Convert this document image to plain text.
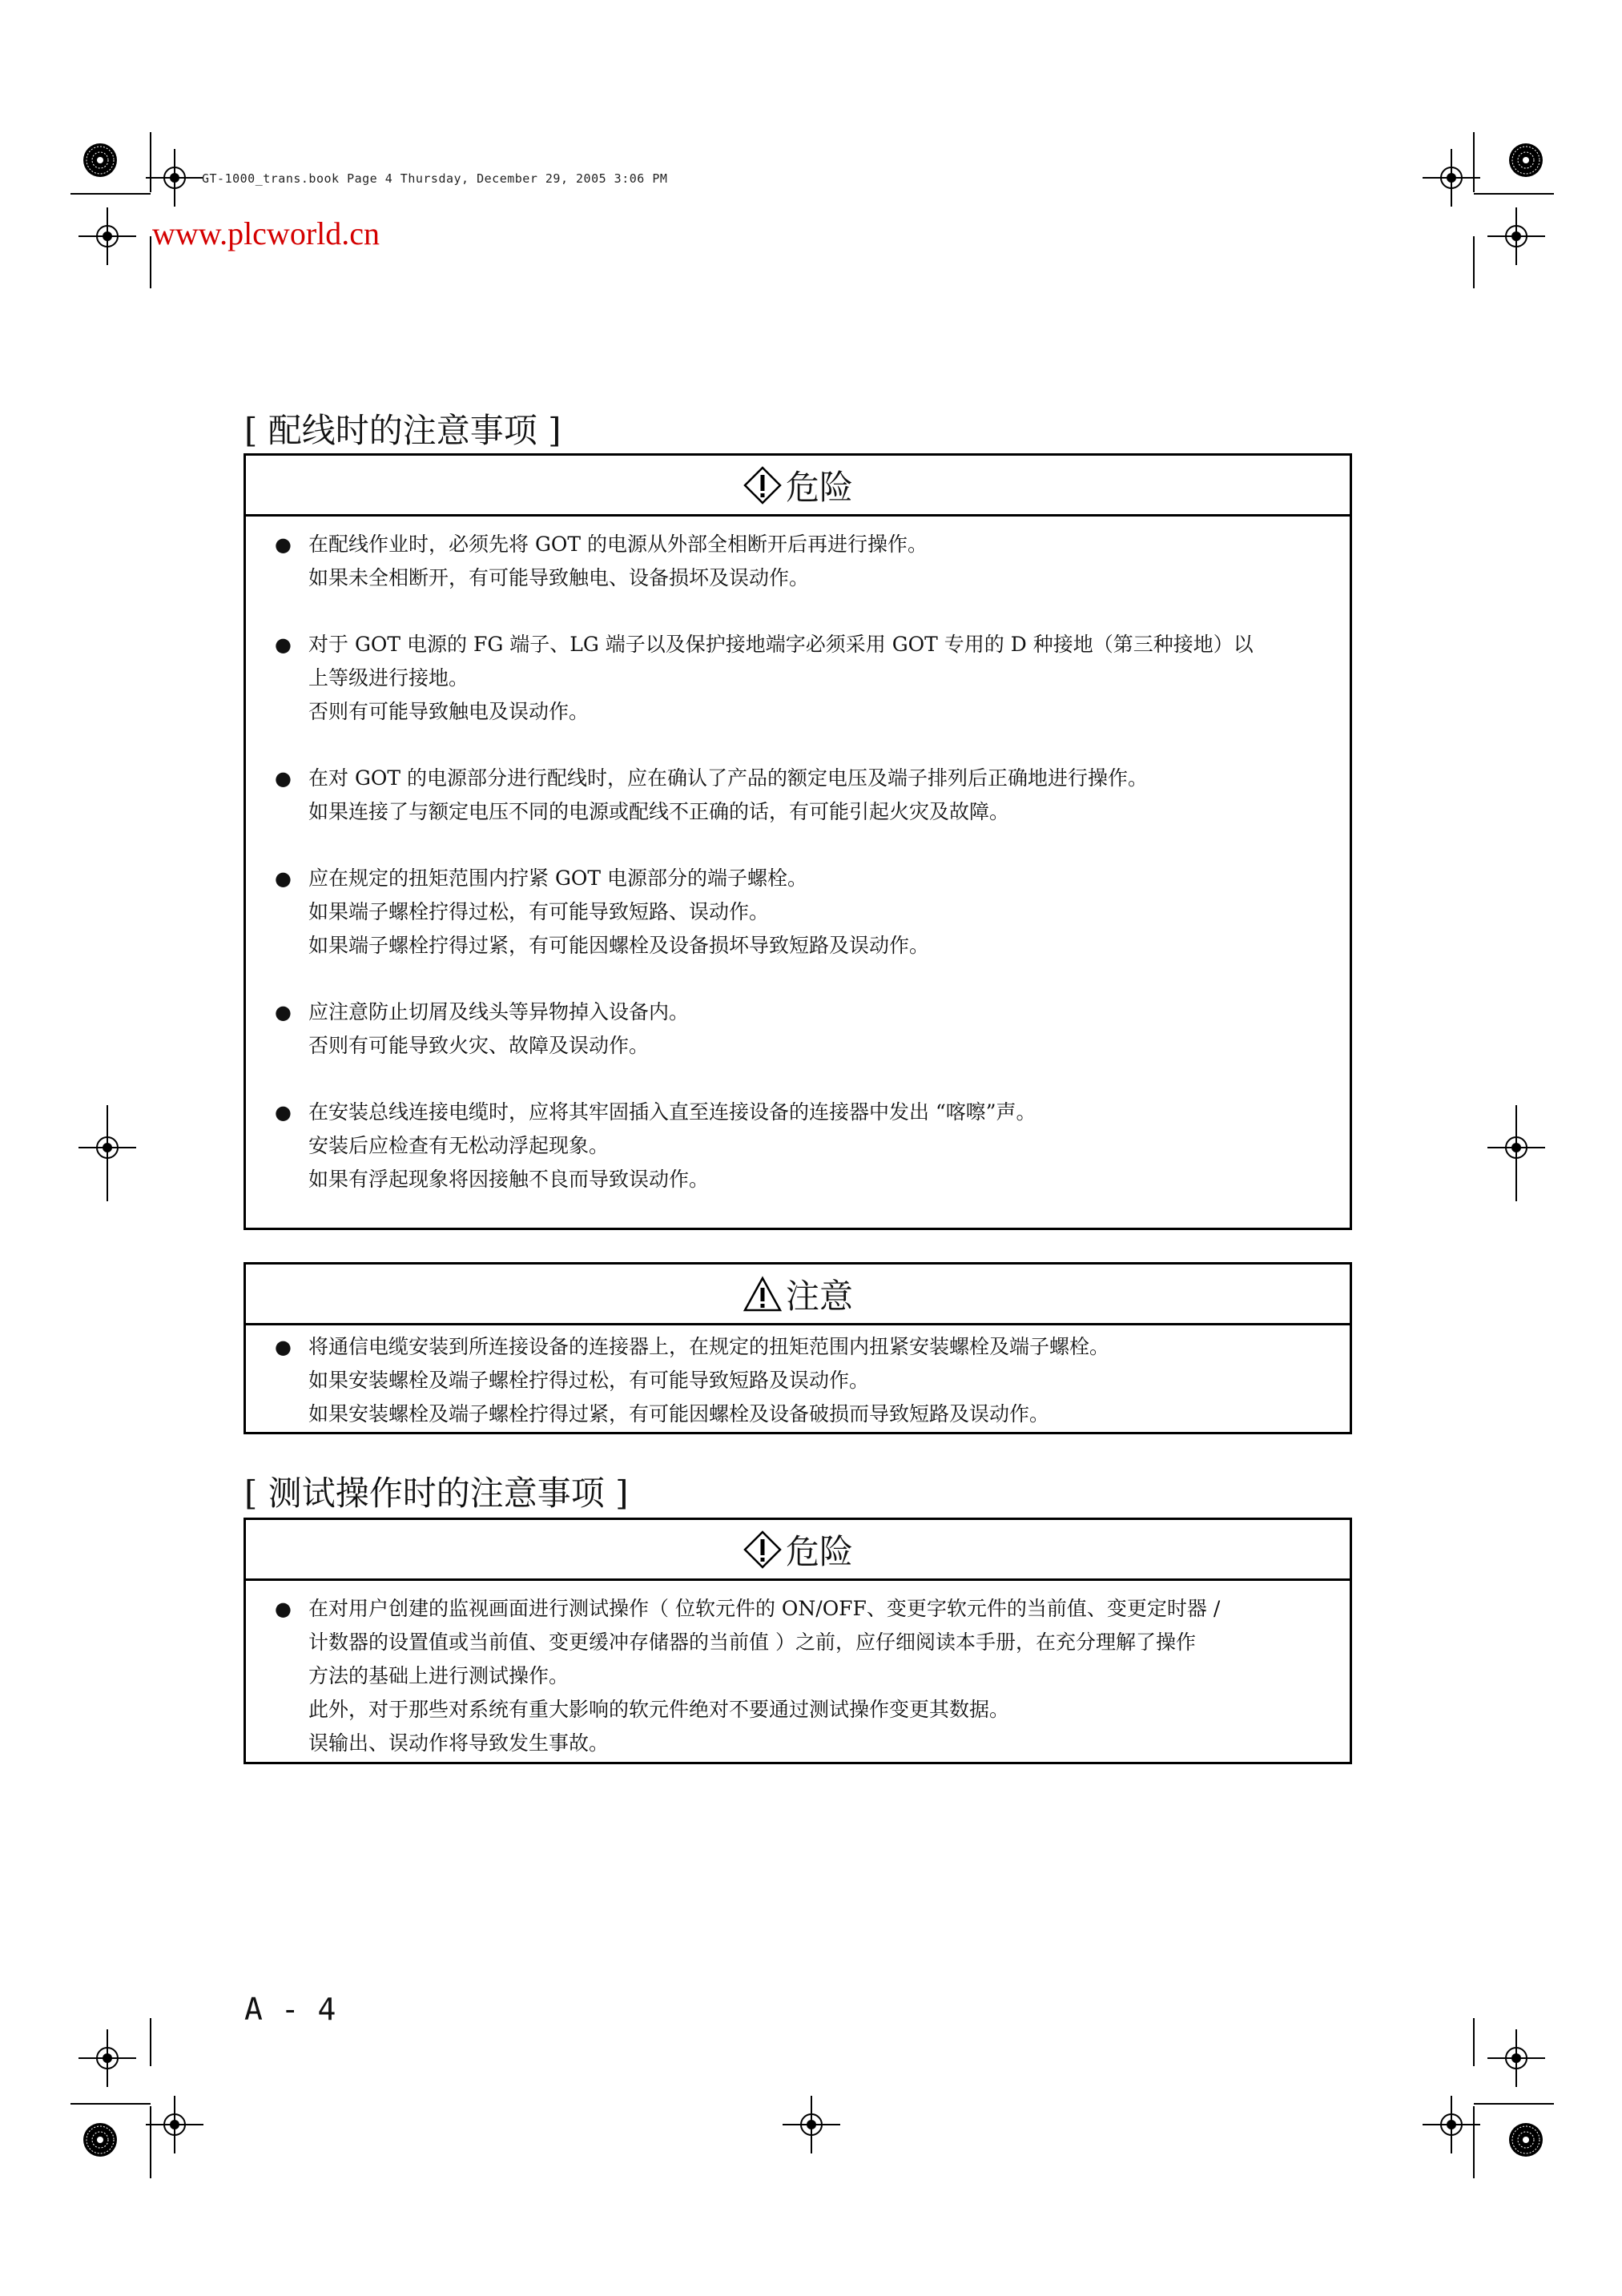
GT-1000_trans.book Page 4 Thursday, December 29, 2005 3:06 PM
www.plcworld.cn
[ 配线时的注意事项 ]
危险
● 在配线作业时，必须先将 GOT 的电源从外部全相断开后再进行操作。
如果未全相断开，有可能导致触电、设备损坏及误动作。
● 对于 GOT 电源的 FG 端子、LG 端子以及保护接地端字必须采用 GOT 专用的 D 种接地（第三种接地）以
上等级进行接地。
否则有可能导致触电及误动作。
● 在对 GOT 的电源部分进行配线时，应在确认了产品的额定电压及端子排列后正确地进行操作。
如果连接了与额定电压不同的电源或配线不正确的话，有可能引起火灾及故障。
● 应在规定的扭矩范围内拧紧 GOT 电源部分的端子螺栓。
如果端子螺栓拧得过松，有可能导致短路、误动作。
如果端子螺栓拧得过紧，有可能因螺栓及设备损坏导致短路及误动作。
● 应注意防止切屑及线头等异物掉入设备内。
否则有可能导致火灾、故障及误动作。
● 在安装总线连接电缆时，应将其牢固插入直至连接设备的连接器中发出 “喀嚓”声。
安装后应检查有无松动浮起现象。
如果有浮起现象将因接触不良而导致误动作。
注意
● 将通信电缆安装到所连接设备的连接器上，在规定的扭矩范围内扭紧安装螺栓及端子螺栓。
如果安装螺栓及端子螺栓拧得过松，有可能导致短路及误动作。
如果安装螺栓及端子螺栓拧得过紧，有可能因螺栓及设备破损而导致短路及误动作。
[ 测试操作时的注意事项 ]
危险
● 在对用户创建的监视画面进行测试操作（ 位软元件的 ON/OFF、变更字软元件的当前值、变更定时器 /
计数器的设置值或当前值、变更缓冲存储器的当前值 ）之前，应仔细阅读本手册，在充分理解了操作
方法的基础上进行测试操作。
此外，对于那些对系统有重大影响的软元件绝对不要通过测试操作变更其数据。
误输出、误动作将导致发生事故。
A - 4
